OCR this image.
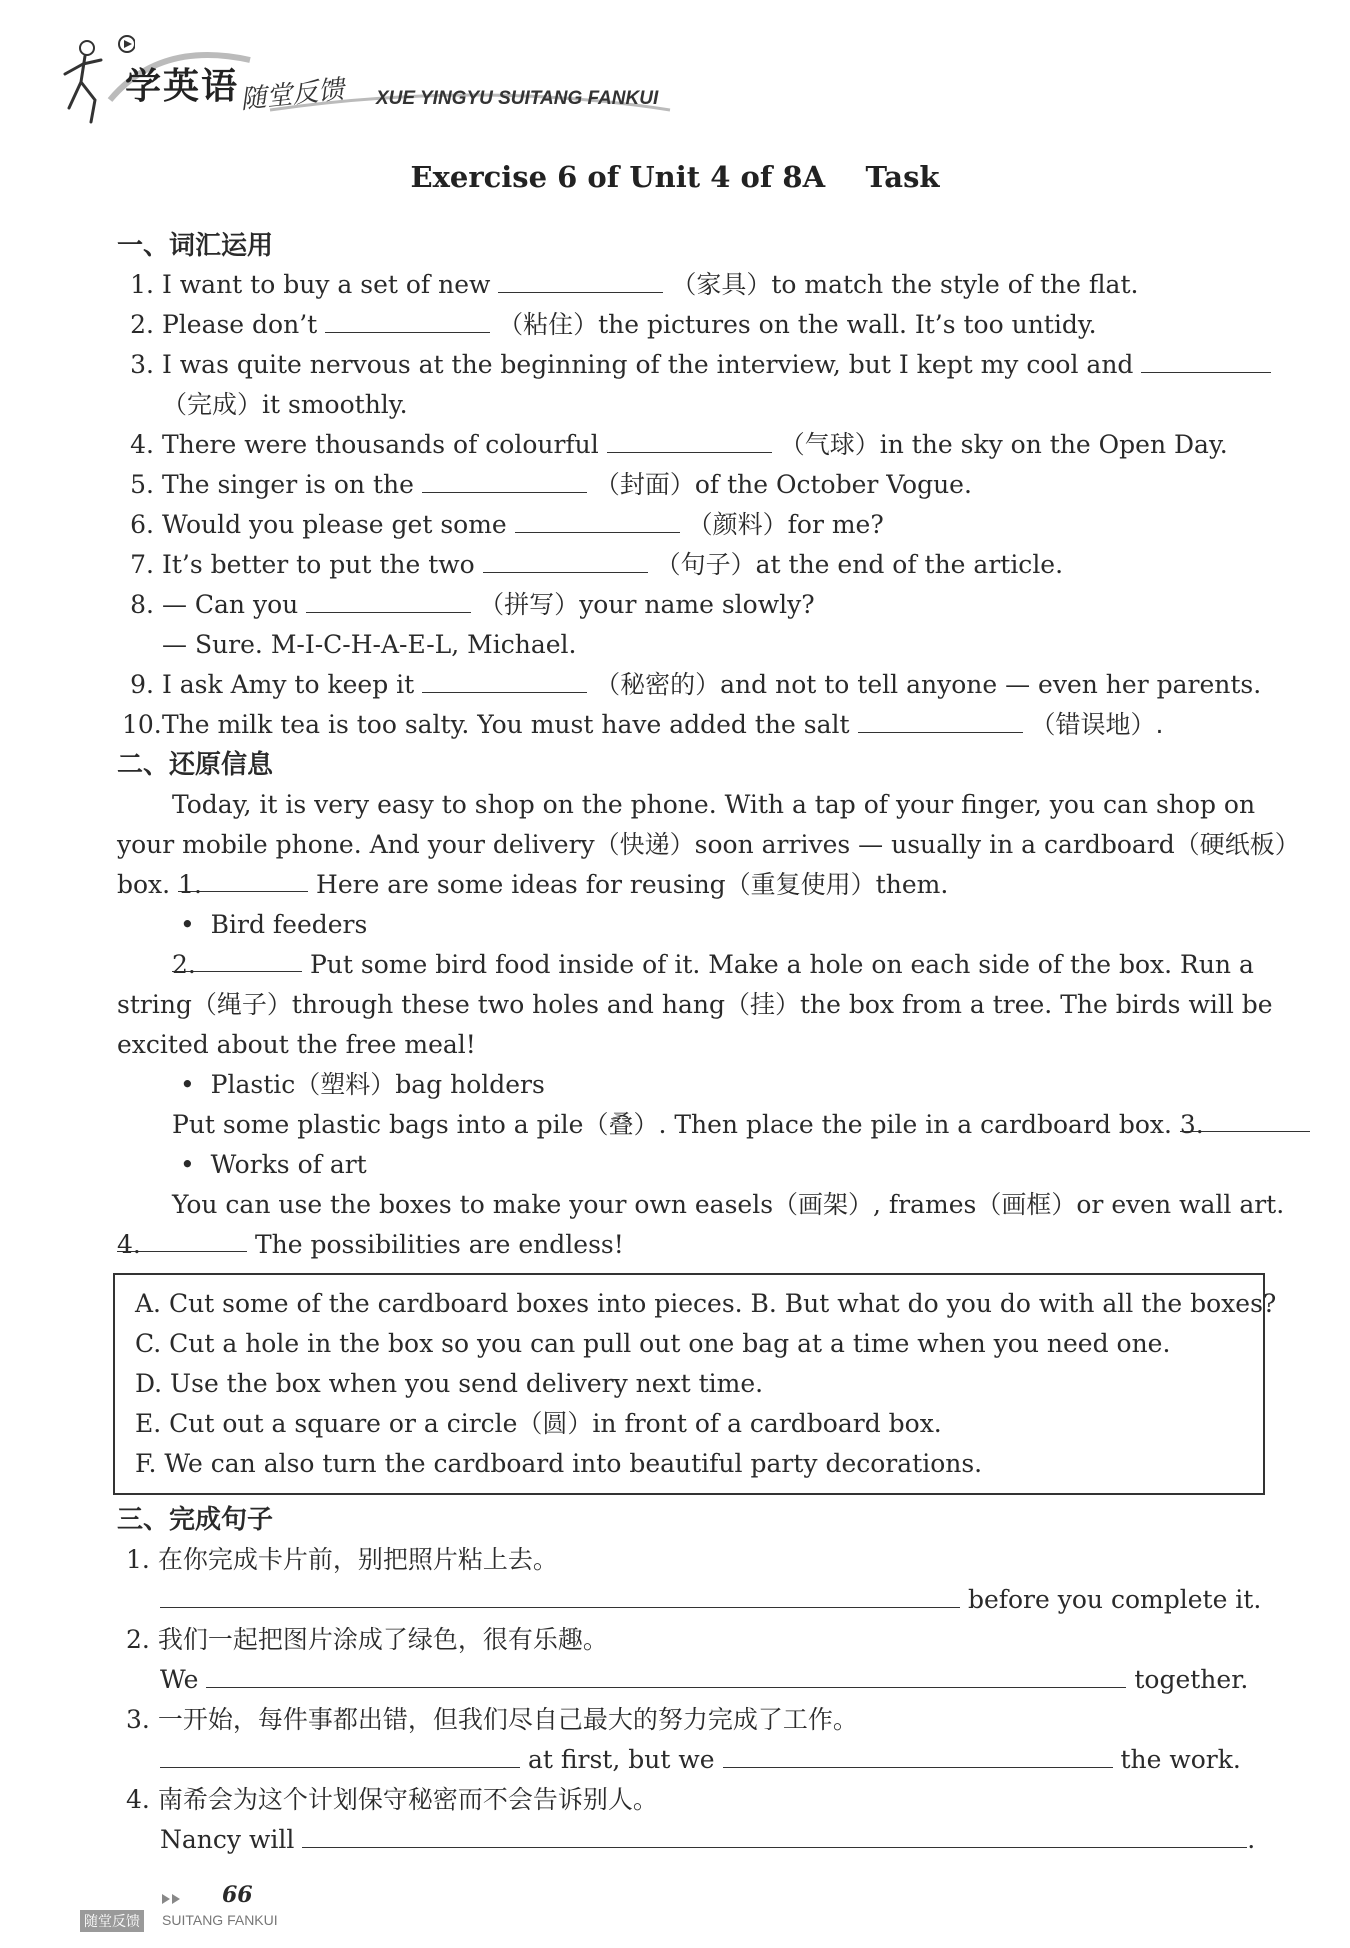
学英语 随堂反馈 XUE YINGYU SUITANG FANKUI
Exercise 6 of Unit 4 of 8A    Task
一、词汇运用
1. I want to buy a set of new	（家具）to match the style of the flat.
2. Please don’t	（粘住）the pictures on the wall. It’s too untidy.
3. I was quite nervous at the beginning of the interview, but I kept my cool and
（完成）it smoothly.
4. There were thousands of colourful	（气球）in the sky on the Open Day.
5. The singer is on the	（封面）of the October Vogue.
6. Would you please get some	（颜料）for me?
7. It’s better to put the two	（句子）at the end of the article.
8. — Can you	（拼写）your name slowly?
— Sure. M-I-C-H-A-E-L, Michael.
9. I ask Amy to keep it	（秘密的）and not to tell anyone — even her parents.
10. The milk tea is too salty. You must have added the salt	（错误地）.
二、还原信息
Today, it is very easy to shop on the phone. With a tap of your finger, you can shop on
your mobile phone. And your delivery（快递）soon arrives — usually in a cardboard（硬纸板）
box. 1.	Here are some ideas for reusing（重复使用）them.
•  Bird feeders
2.	Put some bird food inside of it. Make a hole on each side of the box. Run a
string（绳子）through these two holes and hang（挂）the box from a tree. The birds will be
excited about the free meal!
•  Plastic（塑料）bag holders
Put some plastic bags into a pile（叠）. Then place the pile in a cardboard box. 3.
•  Works of art
You can use the boxes to make your own easels（画架）, frames（画框）or even wall art.
4.	The possibilities are endless!
A. Cut some of the cardboard boxes into pieces. B. But what do you do with all the boxes?
C. Cut a hole in the box so you can pull out one bag at a time when you need one.
D. Use the box when you send delivery next time.
E. Cut out a square or a circle（圆）in front of a cardboard box.
F. We can also turn the cardboard into beautiful party decorations.
三、完成句子
1. 在你完成卡片前，别把照片粘上去。
before you complete it.
2. 我们一起把图片涂成了绿色，很有乐趣。
We	together.
3. 一开始，每件事都出错，但我们尽自己最大的努力完成了工作。
at first, but we	the work.
4. 南希会为这个计划保守秘密而不会告诉别人。
Nancy will	.
66
随堂反馈 SUITANG FANKUI
